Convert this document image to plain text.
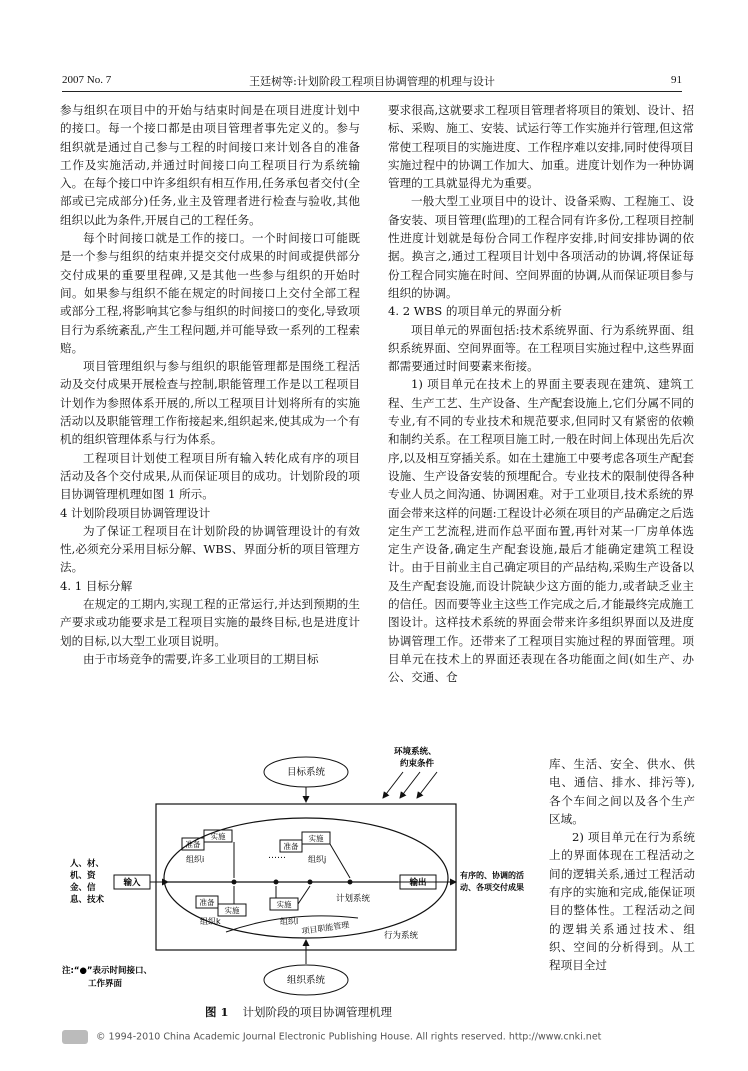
2007 No. 7	王廷树等:计划阶段工程项目协调管理的机理与设计	91

参与组织在项目中的开始与结束时间是在项目进度计划中的接口。每一个接口都是由项目管理者事先定义的。参与组织就是通过自己参与工程的时间接口来计划各自的准备工作及实施活动,并通过时间接口向工程项目行为系统输入。在每个接口中许多组织有相互作用,任务承包者交付(全部或已完成部分)任务,业主及管理者进行检查与验收,其他组织以此为条件,开展自己的工程任务。

每个时间接口就是工作的接口。一个时间接口可能既是一个参与组织的结束并提交交付成果的时间或提供部分交付成果的重要里程碑,又是其他一些参与组织的开始时间。如果参与组织不能在规定的时间接口上交付全部工程或部分工程,将影响其它参与组织的时间接口的变化,导致项目行为系统紊乱,产生工程问题,并可能导致一系列的工程索赔。

项目管理组织与参与组织的职能管理都是围绕工程活动及交付成果开展检查与控制,职能管理工作是以工程项目计划作为参照体系开展的,所以工程项目计划将所有的实施活动以及职能管理工作衔接起来,组织起来,使其成为一个有机的组织管理体系与行为体系。

工程项目计划使工程项目所有输入转化成有序的项目活动及各个交付成果,从而保证项目的成功。计划阶段的项目协调管理机理如图 1 所示。

4 计划阶段项目协调管理设计

为了保证工程项目在计划阶段的协调管理设计的有效性,必须充分采用目标分解、WBS、界面分析的项目管理方法。

4. 1 目标分解

在规定的工期内,实现工程的正常运行,并达到预期的生产要求或功能要求是工程项目实施的最终目标,也是进度计划的目标,以大型工业项目说明。

由于市场竞争的需要,许多工业项目的工期目标

要求很高,这就要求工程项目管理者将项目的策划、设计、招标、采购、施工、安装、试运行等工作实施并行管理,但这常常使工程项目的实施进度、工作程序难以安排,同时使得项目实施过程中的协调工作加大、加重。进度计划作为一种协调管理的工具就显得尤为重要。

一般大型工业项目中的设计、设备采购、工程施工、设备安装、项目管理(监理)的工程合同有许多份,工程项目控制性进度计划就是每份合同工作程序安排,时间安排协调的依据。换言之,通过工程项目计划中各项活动的协调,将保证每份工程合同实施在时间、空间界面的协调,从而保证项目参与组织的协调。

4. 2 WBS 的项目单元的界面分析

项目单元的界面包括:技术系统界面、行为系统界面、组织系统界面、空间界面等。在工程项目实施过程中,这些界面都需要通过时间要素来衔接。

1) 项目单元在技术上的界面主要表现在建筑、建筑工程、生产工艺、生产设备、生产配套设施上,它们分属不同的专业,有不同的专业技术和规范要求,但同时又有紧密的依赖和制约关系。在工程项目施工时,一般在时间上体现出先后次序,以及相互穿插关系。如在土建施工中要考虑各项生产配套设施、生产设备安装的预埋配合。专业技术的限制使得各种专业人员之间沟通、协调困难。对于工业项目,技术系统的界面会带来这样的问题:工程设计必须在项目的产品确定之后选定生产工艺流程,进而作总平面布置,再针对某一厂房单体选定生产设备,确定生产配套设施,最后才能确定建筑工程设计。由于目前业主自己确定项目的产品结构,采购生产设备以及生产配套设施,而设计院缺少这方面的能力,或者缺乏业主的信任。因而要等业主这些工作完成之后,才能最终完成施工图设计。这样技术系统的界面会带来许多组织界面以及进度协调管理工作。还带来了工程项目实施过程的界面管理。项目单元在技术上的界面还表现在各功能面之间(如生产、办公、交通、仓

库、生活、安全、供水、供电、通信、排水、排污等),各个车间之间以及各个生产区域。

2) 项目单元在行为系统上的界面体现在工程活动之间的逻辑关系,通过工程活动有序的实施和完成,能保证项目的整体性。工程活动之间的逻辑关系通过技术、组织、空间的分析得到。从工程项目全过

目标系统
环境系统、
约束条件
人、材、
机、资
金、信
息、技术
输入	输出
有序的、协调的活
动、各项交付成果
计划系统
准备
实施
组织i	……
准备
实施
组织j
准备
实施
组织k
实施
组织l 项目职能管理
行为系统
组织系统
注:“●”表示时间接口、
工作界面
图 1 计划阶段的项目协调管理机理
© 1994-2010 China Academic Journal Electronic Publishing House. All rights reserved. http://www.cnki.net
